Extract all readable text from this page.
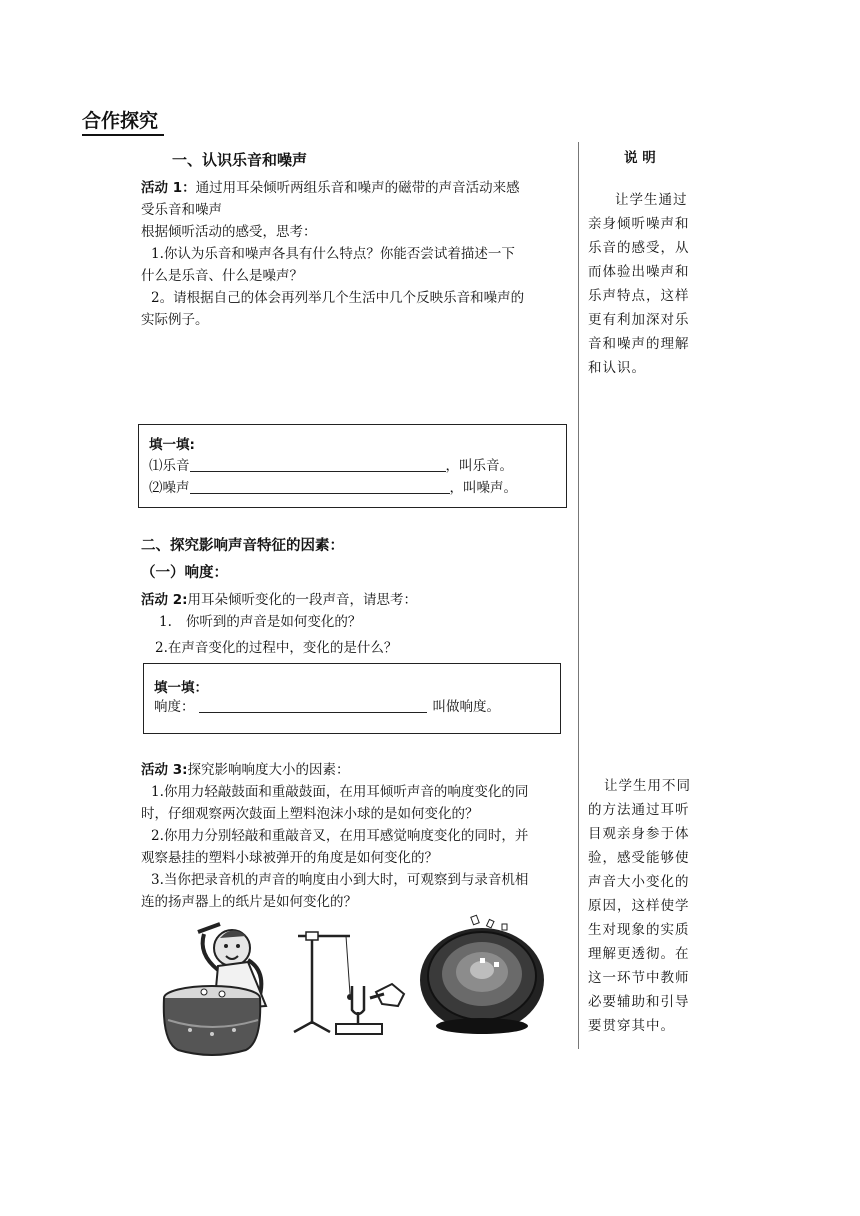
合作探究
说 明
让学生通过
亲身倾听噪声和
乐音的感受，从
而体验出噪声和
乐声特点，这样
更有利加深对乐
音和噪声的理解
和认识。
让学生用不同
的方法通过耳听
目观亲身参于体
验，感受能够使
声音大小变化的
原因，这样使学
生对现象的实质
理解更透彻。在
这一环节中教师
必要辅助和引导
要贯穿其中。
一、认识乐音和噪声
活动 1：通过用耳朵倾听两组乐音和噪声的磁带的声音活动来感
受乐音和噪声
根据倾听活动的感受，思考：
1.你认为乐音和噪声各具有什么特点？你能否尝试着描述一下
什么是乐音、什么是噪声？
2。请根据自己的体会再列举几个生活中几个反映乐音和噪声的
实际例子。
填一填:
⑴乐音	，叫乐音。
⑵噪声	，叫噪声。
二、探究影响声音特征的因素：
（一）响度：
活动 2:用耳朵倾听变化的一段声音，请思考：
1. 你听到的声音是如何变化的？
2.在声音变化的过程中，变化的是什么？
填一填：
响度：	叫做响度。
活动 3:探究影响响度大小的因素：
1.你用力轻敲鼓面和重敲鼓面，在用耳倾听声音的响度变化的同
时，仔细观察两次鼓面上塑料泡沫小球的是如何变化的？
2.你用力分别轻敲和重敲音叉，在用耳感觉响度变化的同时，并
观察悬挂的塑料小球被弹开的角度是如何变化的？
3.当你把录音机的声音的响度由小到大时，可观察到与录音机相
连的扬声器上的纸片是如何变化的？
